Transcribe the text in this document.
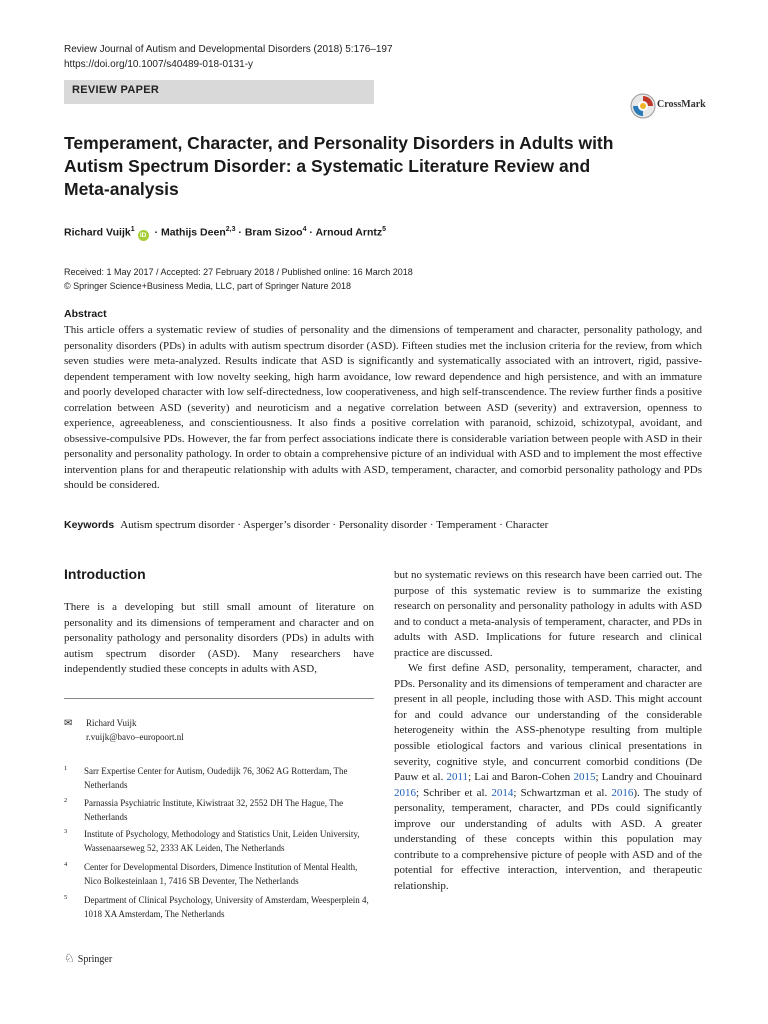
Review Journal of Autism and Developmental Disorders (2018) 5:176–197
https://doi.org/10.1007/s40489-018-0131-y
REVIEW PAPER
CrossMark
Temperament, Character, and Personality Disorders in Adults with Autism Spectrum Disorder: a Systematic Literature Review and Meta-analysis
Richard Vuijk$^1$iD · Mathijs Deen$^{2,3}$ · Bram Sizoo$^4$ · Arnoud Arntz$^5$
Received: 1 May 2017 / Accepted: 27 February 2018 / Published online: 16 March 2018
© Springer Science+Business Media, LLC, part of Springer Nature 2018
Abstract
This article offers a systematic review of studies of personality and the dimensions of temperament and character, personality pathology, and personality disorders (PDs) in adults with autism spectrum disorder (ASD). Fifteen studies met the inclusion criteria for the review, from which seven studies were meta-analyzed. Results indicate that ASD is significantly and systematically associated with an introvert, rigid, passive-dependent temperament with low novelty seeking, high harm avoidance, low reward dependence and high persistence, and with an immature and poorly developed character with low self-directedness, low cooperativeness, and high self-transcendence. The review further finds a positive correlation between ASD (severity) and neuroticism and a negative correlation between ASD (severity) and extraversion, openness to experience, agreeableness, and conscientiousness. It also finds a positive correlation with paranoid, schizoid, schizotypal, avoidant, and obsessive-compulsive PDs. However, the far from perfect associations indicate there is considerable variation between people with ASD in their personality and personality pathology. In order to obtain a comprehensive picture of an individual with ASD and to implement the most effective intervention plans for and therapeutic relationship with adults with ASD, temperament, character, and comorbid personality pathology and PDs should be considered.
Keywords Autism spectrum disorder · Asperger’s disorder · Personality disorder · Temperament · Character
Introduction
There is a developing but still small amount of literature on personality and its dimensions of temperament and character and on personality pathology and personality disorders (PDs) in adults with autism spectrum disorder (ASD). Many researchers have independently studied these concepts in adults with ASD,
✉ Richard Vuijk
r.vuijk@bavo–europoort.nl
1 Sarr Expertise Center for Autism, Oudedijk 76, 3062 AG Rotterdam, The Netherlands
2 Parnassia Psychiatric Institute, Kiwistraat 32, 2552 DH The Hague, The Netherlands
3 Institute of Psychology, Methodology and Statistics Unit, Leiden University, Wassenaarseweg 52, 2333 AK Leiden, The Netherlands
4 Center for Developmental Disorders, Dimence Institution of Mental Health, Nico Bolkesteinlaan 1, 7416 SB Deventer, The Netherlands
5 Department of Clinical Psychology, University of Amsterdam, Weesperplein 4, 1018 XA Amsterdam, The Netherlands

but no systematic reviews on this research have been carried out. The purpose of this systematic review is to summarize the existing research on personality and personality pathology in adults with ASD and to conduct a meta-analysis of temperament, character, and PDs in adults with ASD. Implications for future research and clinical practice are discussed.

We first define ASD, personality, temperament, character, and PDs. Personality and its dimensions of temperament and character are present in all people, including those with ASD. This might account for and could advance our understanding of the considerable heterogeneity within the ASS-phenotype resulting from multiple possible etiological factors and various clinical presentations in severity, cognitive style, and concurrent comorbid conditions (De Pauw et al. 2011; Lai and Baron-Cohen 2015; Landry and Chouinard 2016; Schriber et al. 2014; Schwartzman et al. 2016). The study of personality, temperament, character, and PDs could significantly improve our understanding of adults with ASD. A greater understanding of these concepts within this population may contribute to a comprehensive picture of people with ASD and of the potential for effective interaction, intervention, and therapeutic relationship.

♘ Springer
